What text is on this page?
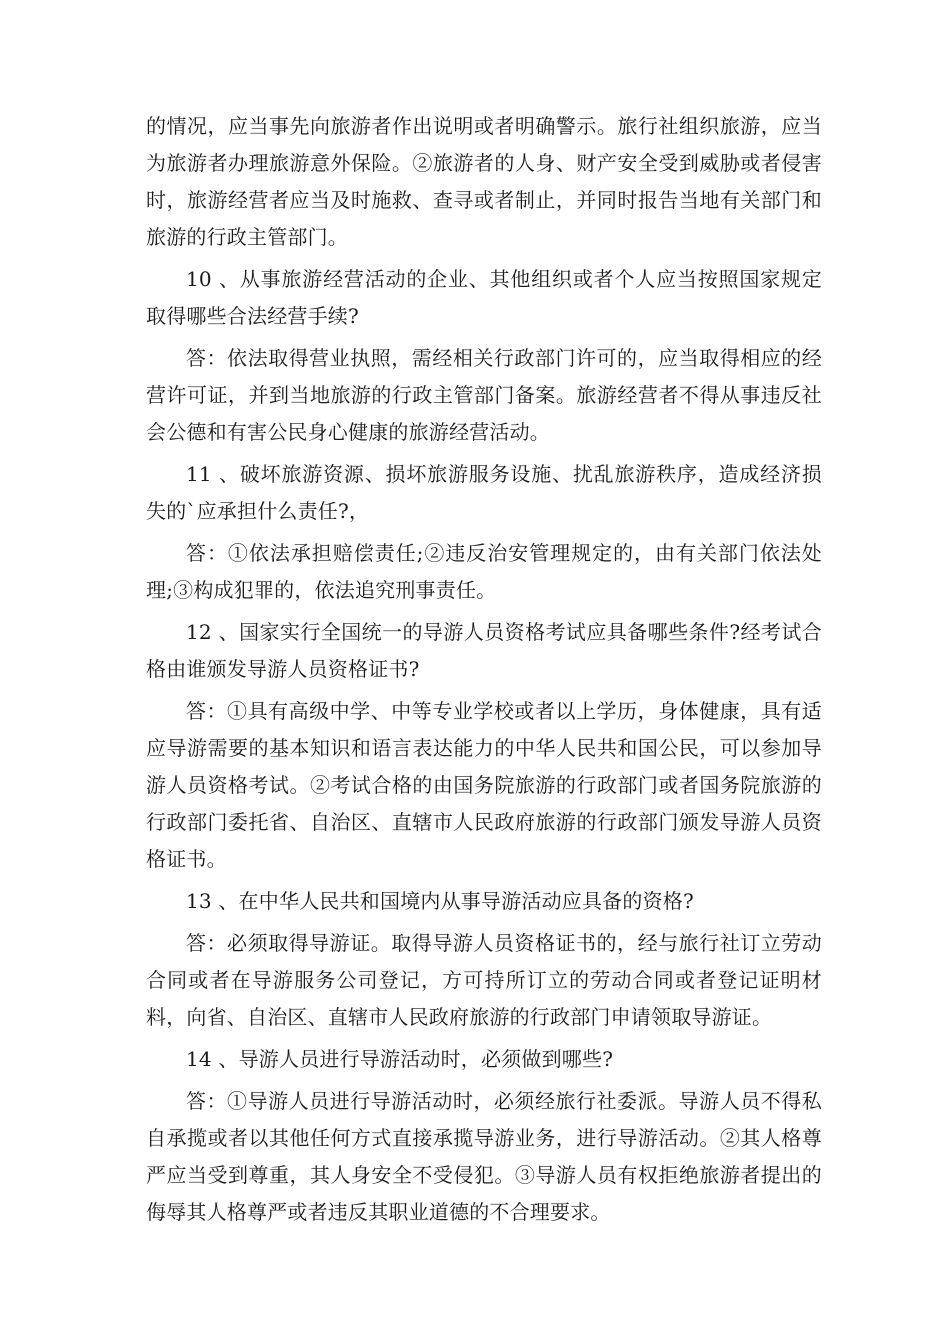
的情况，应当事先向旅游者作出说明或者明确警示。旅行社组织旅游，应当为旅游者办理旅游意外保险。②旅游者的人身、财产安全受到威胁或者侵害时，旅游经营者应当及时施救、查寻或者制止，并同时报告当地有关部门和旅游的行政主管部门。

10 、从事旅游经营活动的企业、其他组织或者个人应当按照国家规定取得哪些合法经营手续?

答：依法取得营业执照，需经相关行政部门许可的，应当取得相应的经营许可证，并到当地旅游的行政主管部门备案。旅游经营者不得从事违反社会公德和有害公民身心健康的旅游经营活动。

11 、破坏旅游资源、损坏旅游服务设施、扰乱旅游秩序，造成经济损失的`应承担什么责任?，

答：①依法承担赔偿责任;②违反治安管理规定的，由有关部门依法处理;③构成犯罪的，依法追究刑事责任。

12 、国家实行全国统一的导游人员资格考试应具备哪些条件?经考试合格由谁颁发导游人员资格证书?

答：①具有高级中学、中等专业学校或者以上学历，身体健康，具有适应导游需要的基本知识和语言表达能力的中华人民共和国公民，可以参加导游人员资格考试。②考试合格的由国务院旅游的行政部门或者国务院旅游的行政部门委托省、自治区、直辖市人民政府旅游的行政部门颁发导游人员资格证书。

13 、在中华人民共和国境内从事导游活动应具备的资格?

答：必须取得导游证。取得导游人员资格证书的，经与旅行社订立劳动合同或者在导游服务公司登记，方可持所订立的劳动合同或者登记证明材料，向省、自治区、直辖市人民政府旅游的行政部门申请领取导游证。

14 、导游人员进行导游活动时，必须做到哪些?

答：①导游人员进行导游活动时，必须经旅行社委派。导游人员不得私自承揽或者以其他任何方式直接承揽导游业务，进行导游活动。②其人格尊严应当受到尊重，其人身安全不受侵犯。③导游人员有权拒绝旅游者提出的侮辱其人格尊严或者违反其职业道德的不合理要求。
